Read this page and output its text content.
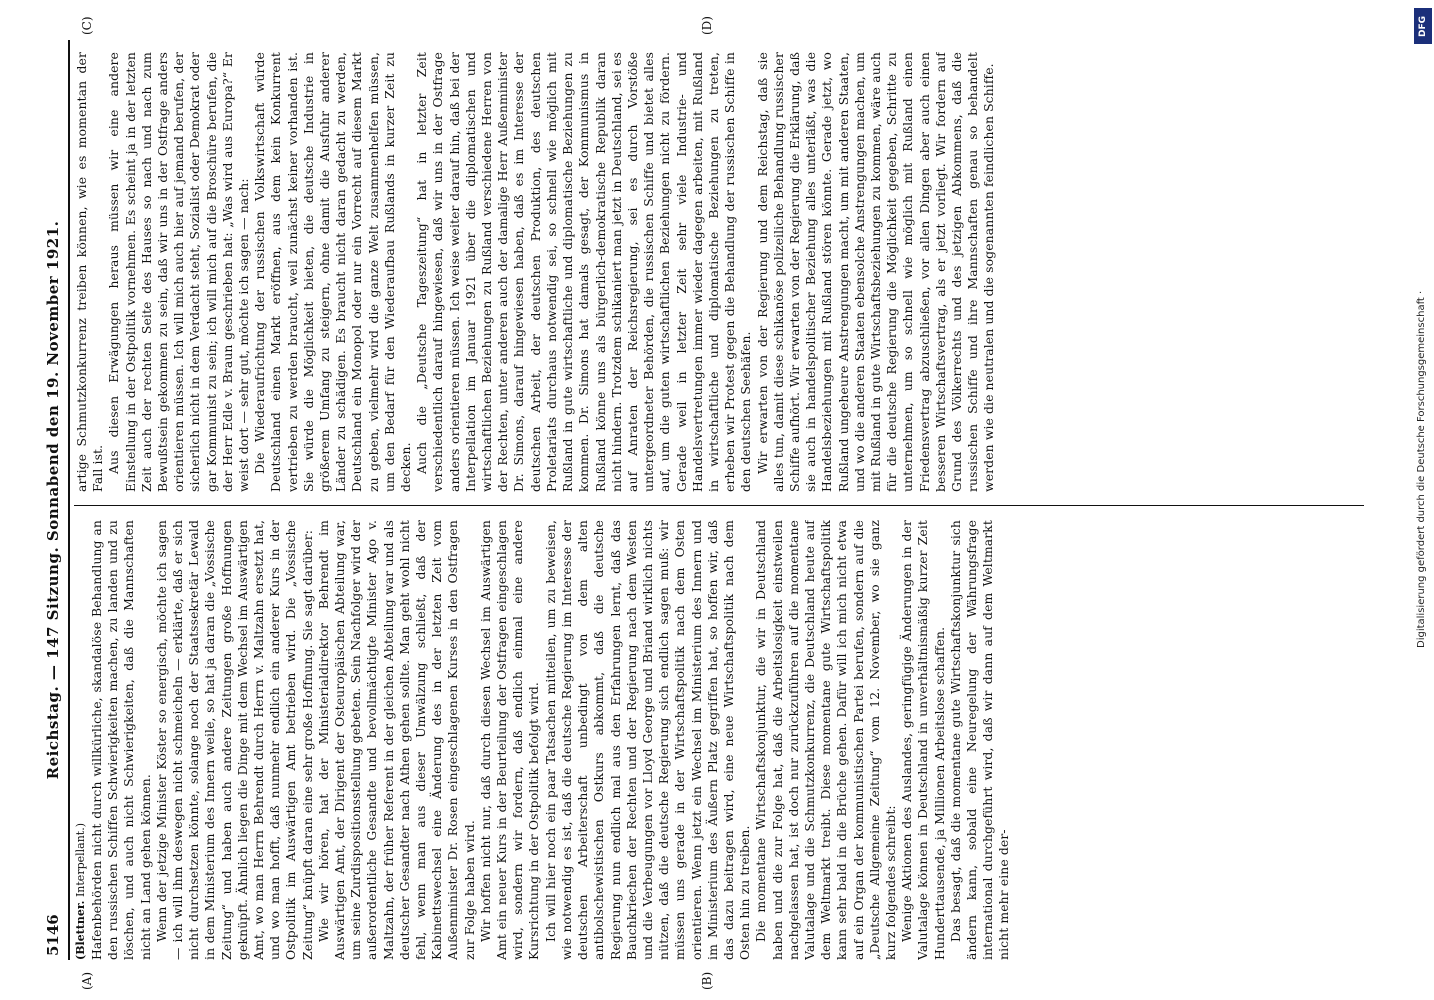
5146
Reichstag. — 147 Sitzung. Sonnabend den 19. November 1921.

(Blettner. Interpellant.) Hafenbehörden nicht durch willkürliche, skandalöse Behandlung an den russischen Schiffen Schwierigkeiten machen, zu landen und zu löschen, und auch nicht Schwierigkeiten, daß die Mannschaften nicht an Land gehen können. Wenn der jetzige Minister Köster so energisch, möchte ich sagen — ich will ihm deswegen nicht schmeicheln — erklärte, daß er sich nicht durchsetzen könnte, solange noch der Staatssekretär Lewald in dem Ministerium des Innern weile, so hat ja daran die „Vossische Zeitung“ und haben auch andere Zeitungen große Hoffnungen geknüpft. Ähnlich liegen die Dinge mit dem Wechsel im Auswärtigen Amt, wo man Herrn Behrendt durch Herrn v. Maltzahn ersetzt hat, und wo man hofft, daß nunmehr endlich ein anderer Kurs in der Ostpolitik im Auswärtigen Amt betrieben wird. Die „Vossische Zeitung“ knüpft daran eine sehr große Hoffnung. Sie sagt darüber: Wie wir hören, hat der Ministerialdirektor Behrendt im Auswärtigen Amt, der Dirigent der Osteuropäischen Abteilung war, um seine Zurdispositionsstellung gebeten. Sein Nachfolger wird der außerordentliche Gesandte und bevollmächtigte Minister Ago v. Maltzahn, der früher Referent in der gleichen Abteilung war und als deutscher Gesandter nach Athen gehen sollte. Man geht wohl nicht fehl, wenn man aus dieser Umwälzung schließt, daß der Kabinettswechsel eine Änderung des in der letzten Zeit vom Außenminister Dr. Rosen eingeschlagenen Kurses in den Ostfragen zur Folge haben wird. Wir hoffen nicht nur, daß durch diesen Wechsel im Auswärtigen Amt ein neuer Kurs in der Beurteilung der Ostfragen eingeschlagen wird, sondern wir fordern, daß endlich einmal eine andere Kursrichtung in der Ostpolitik befolgt wird. Ich will hier noch ein paar Tatsachen mitteilen, um zu beweisen, wie notwendig es ist, daß die deutsche Regierung im Interesse der deutschen Arbeiterschaft unbedingt von dem alten antibolschewistischen Ostkurs abkommt, daß die deutsche Regierung nun endlich mal aus den Erfahrungen lernt, daß das Bauchkriechen der Rechten und der Regierung nach dem Westen und die Verbeugungen vor Lloyd George und Briand wirklich nichts nützen, daß die deutsche Regierung sich endlich sagen muß: wir müssen uns gerade in der Wirtschaftspolitik nach dem Osten orientieren. Wenn jetzt ein Wechsel im Ministerium des Innern und im Ministerium des Äußern Platz gegriffen hat, so hoffen wir, daß das dazu beitragen wird, eine neue Wirtschaftspolitik nach dem Osten hin zu treiben. Die momentane Wirtschaftskonjunktur, die wir in Deutschland haben und die zur Folge hat, daß die Arbeitslosigkeit einstweilen nachgelassen hat, ist doch nur zurückzuführen auf die momentane Valutalage und die Schmutzkonkurrenz, die Deutschland heute auf dem Weltmarkt treibt. Diese momentane gute Wirtschaftspolitik kann sehr bald in die Brüche gehen. Dafür will ich mich nicht etwa auf ein Organ der kommunistischen Partei berufen, sondern auf die „Deutsche Allgemeine Zeitung“ vom 12. November, wo sie ganz kurz folgendes schreibt: Wenige Aktionen des Auslandes, geringfügige Änderungen in der Valutalage können in Deutschland in unverhältnismäßig kurzer Zeit Hunderttausende, ja Millionen Arbeitslose schaffen. Das besagt, daß die momentane gute Wirtschaftskonjunktur sich ändern kann, sobald eine Neuregelung der Währungsfrage international durchgeführt wird, daß wir dann auf dem Weltmarkt nicht mehr eine der-

artige Schmutzkonkurrenz treiben können, wie es momentan der Fall ist. Aus diesen Erwägungen heraus müssen wir eine andere Einstellung in der Ostpolitik vornehmen. Es scheint ja in der letzten Zeit auch der rechten Seite des Hauses so nach und nach zum Bewußtsein gekommen zu sein, daß wir uns in der Ostfrage anders orientieren müssen. Ich will mich auch hier auf jemand berufen, der sicherlich nicht in dem Verdacht steht, Sozialist oder Demokrat oder gar Kommunist zu sein; ich will mich auf die Broschüre berufen, die der Herr Edle v. Braun geschrieben hat: „Was wird aus Europa?“ Er weist dort — sehr gut, möchte ich sagen — nach: Die Wiederaufrichtung der russischen Volkswirtschaft würde Deutschland einen Markt eröffnen, aus dem kein Konkurrent vertrieben zu werden braucht, weil zunächst keiner vorhanden ist. Sie würde die Möglichkeit bieten, die deutsche Industrie in größerem Umfang zu steigern, ohne damit die Ausfuhr anderer Länder zu schädigen. Es braucht nicht daran gedacht zu werden, Deutschland ein Monopol oder nur ein Vorrecht auf diesem Markt zu geben, vielmehr wird die ganze Welt zusammenhelfen müssen, um den Bedarf für den Wiederaufbau Rußlands in kurzer Zeit zu decken. Auch die „Deutsche Tageszeitung“ hat in letzter Zeit verschiedentlich darauf hingewiesen, daß wir uns in der Ostfrage anders orientieren müssen. Ich weise weiter darauf hin, daß bei der Interpellation im Januar 1921 über die diplomatischen und wirtschaftlichen Beziehungen zu Rußland verschiedene Herren von der Rechten, unter anderen auch der damalige Herr Außenminister Dr. Simons, darauf hingewiesen haben, daß es im Interesse der deutschen Arbeit, der deutschen Produktion, des deutschen Proletariats durchaus notwendig sei, so schnell wie möglich mit Rußland in gute wirtschaftliche und diplomatische Beziehungen zu kommen. Dr. Simons hat damals gesagt, der Kommunismus in Rußland könne uns als bürgerlich-demokratische Republik daran nicht hindern. Trotzdem schikaniert man jetzt in Deutschland, sei es auf Anraten der Reichsregierung, sei es durch Vorstöße untergeordneter Behörden, die russischen Schiffe und bietet alles auf, um die guten wirtschaftlichen Beziehungen nicht zu fördern. Gerade weil in letzter Zeit sehr viele Industrie- und Handelsvertretungen immer wieder dagegen arbeiten, mit Rußland in wirtschaftliche und diplomatische Beziehungen zu treten, erheben wir Protest gegen die Behandlung der russischen Schiffe in den deutschen Seehäfen. Wir erwarten von der Regierung und dem Reichstag, daß sie alles tun, damit diese schikanöse polizeiliche Behandlung russischer Schiffe aufhört. Wir erwarten von der Regierung die Erklärung, daß sie auch in handelspolitischer Beziehung alles unterläßt, was die Handelsbeziehungen mit Rußland stören könnte. Gerade jetzt, wo Rußland ungeheure Anstrengungen macht, um mit anderen Staaten, und wo die anderen Staaten ebensolche Anstrengungen machen, um mit Rußland in gute Wirtschaftsbeziehungen zu kommen, wäre auch für die deutsche Regierung die Möglichkeit gegeben, Schritte zu unternehmen, um so schnell wie möglich mit Rußland einen Friedensvertrag abzuschließen, vor allen Dingen aber auch einen besseren Wirtschaftsvertrag, als er jetzt vorliegt. Wir fordern auf Grund des Völkerrechts und des jetzigen Abkommens, daß die russischen Schiffe und ihre Mannschaften genau so behandelt werden wie die neutralen und die sogenannten feindlichen Schiffe.

(A)	(B)
(C)	(D)	DFG
Digitalisierung gefördert durch die Deutsche Forschungsgemeinschaft ·
